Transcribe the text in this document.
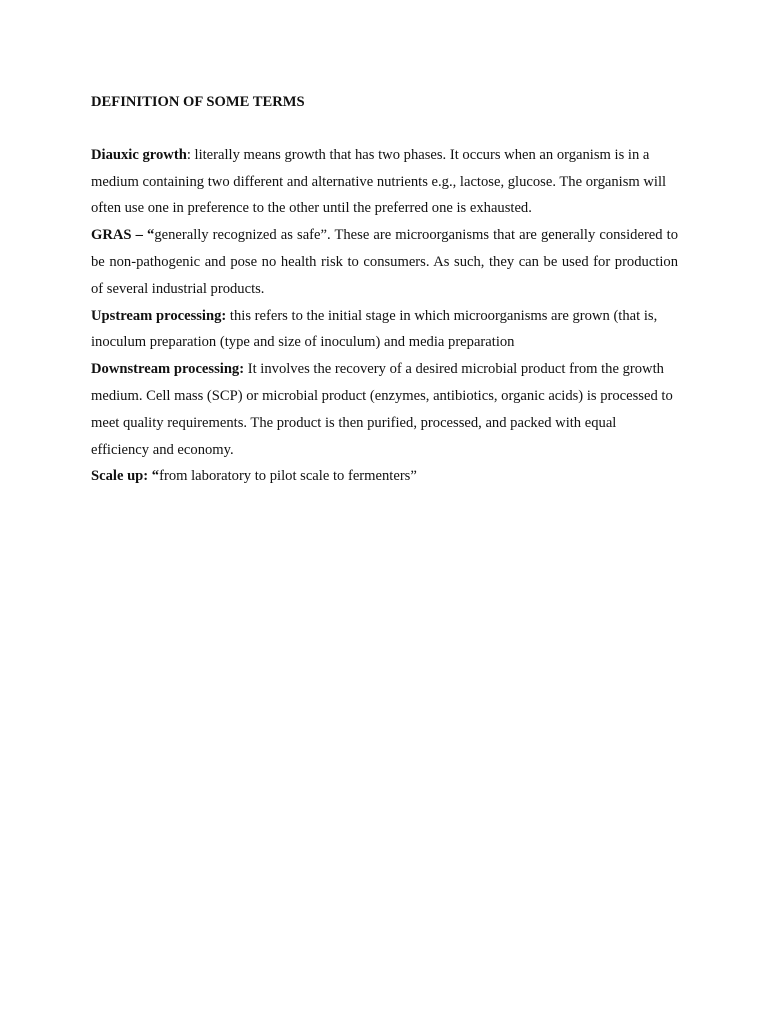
DEFINITION OF SOME TERMS

Diauxic growth: literally means growth that has two phases. It occurs when an organism is in a medium containing two different and alternative nutrients e.g., lactose, glucose. The organism will often use one in preference to the other until the preferred one is exhausted.

GRAS – “generally recognized as safe”. These are microorganisms that are generally considered to be non-pathogenic and pose no health risk to consumers. As such, they can be used for production of several industrial products.

Upstream processing: this refers to the initial stage in which microorganisms are grown (that is, inoculum preparation (type and size of inoculum) and media preparation

Downstream processing: It involves the recovery of a desired microbial product from the growth medium. Cell mass (SCP) or microbial product (enzymes, antibiotics, organic acids) is processed to meet quality requirements. The product is then purified, processed, and packed with equal efficiency and economy.

Scale up: “from laboratory to pilot scale to fermenters”
